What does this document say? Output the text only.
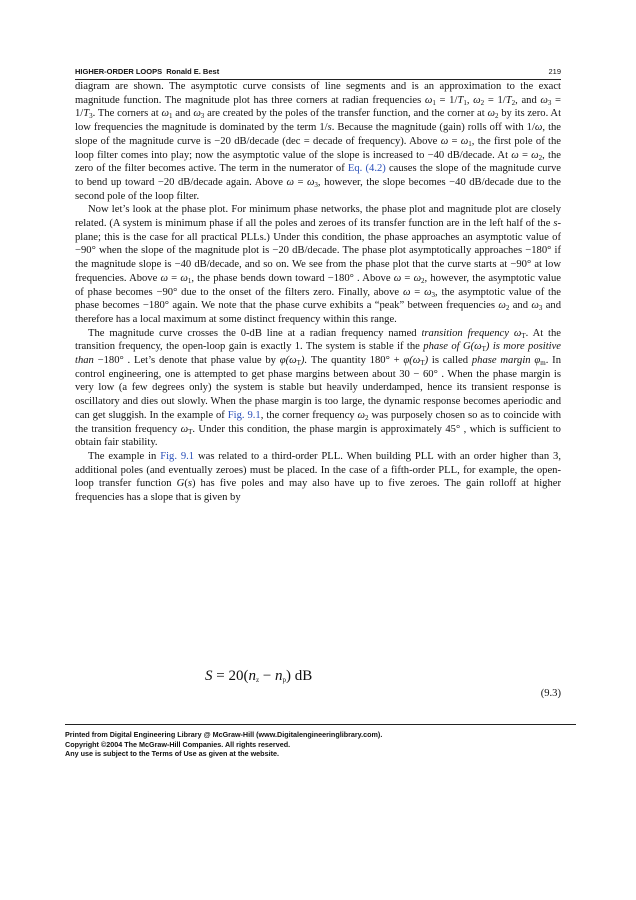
HIGHER-ORDER LOOPS Ronald E. Best	219

diagram are shown. The asymptotic curve consists of line segments and is an approximation to the exact magnitude function. The magnitude plot has three corners at radian frequencies $\omega_1 = 1/T_1$, $\omega_2 = 1/T_2$, and $\omega_3 = 1/T_3$. The corners at $\omega_1$ and $\omega_3$ are created by the poles of the transfer function, and the corner at $\omega_2$ by its zero. At low frequencies the magnitude is dominated by the term 1/s. Because the magnitude (gain) rolls off with 1/ω, the slope of the magnitude curve is −20 dB/decade (dec = decade of frequency). Above $\omega = \omega_1$, the first pole of the loop filter comes into play; now the asymptotic value of the slope is increased to −40 dB/decade. At $\omega = \omega_2$, the zero of the filter becomes active. The term in the numerator of Eq. (4.2) causes the slope of the magnitude curve to bend up toward −20 dB/decade again. Above $\omega = \omega_3$, however, the slope becomes −40 dB/decade due to the second pole of the loop filter.

Now let’s look at the phase plot. For minimum phase networks, the phase plot and magnitude plot are closely related. (A system is minimum phase if all the poles and zeroes of its transfer function are in the left half of the s-plane; this is the case for all practical PLLs.) Under this condition, the phase approaches an asymptotic value of −90° when the slope of the magnitude plot is −20 dB/decade. The phase plot asymptotically approaches −180° if the magnitude slope is −40 dB/decade, and so on. We see from the phase plot that the curve starts at −90° at low frequencies. Above $\omega = \omega_1$, the phase bends down toward −180° . Above $\omega = \omega_2$, however, the asymptotic value of phase becomes −90° due to the onset of the filters zero. Finally, above $\omega = \omega_3$, the asymptotic value of the phase becomes −180° again. We note that the phase curve exhibits a “peak” between frequencies $\omega_2$ and $\omega_3$ and therefore has a local maximum at some distinct frequency within this range.

The magnitude curve crosses the 0-dB line at a radian frequency named transition frequency $\omega_T$. At the transition frequency, the open-loop gain is exactly 1. The system is stable if the phase of $G(\omega_T)$ is more positive than −180° . Let’s denote that phase value by $\varphi(\omega_T)$. The quantity $180^\circ + \varphi(\omega_T)$ is called phase margin $\varphi_m$. In control engineering, one is attempted to get phase margins between about 30 − 60° . When the phase margin is very low (a few degrees only) the system is stable but heavily underdamped, hence its transient response is oscillatory and dies out slowly. When the phase margin is too large, the dynamic response becomes aperiodic and can get sluggish. In the example of Fig. 9.1, the corner frequency $\omega_2$ was purposely chosen so as to coincide with the transition frequency $\omega_T$. Under this condition, the phase margin is approximately 45° , which is sufficient to obtain fair stability.

The example in Fig. 9.1 was related to a third-order PLL. When building PLL with an order higher than 3, additional poles (and eventually zeroes) must be placed. In the case of a fifth-order PLL, for example, the open-loop transfer function G(s) has five poles and may also have up to five zeroes. The gain rolloff at higher frequencies has a slope that is given by

$S = 20(n_z - n_p)$ dB
(9.3)
Printed from Digital Engineering Library @ McGraw-Hill (www.Digitalengineeringlibrary.com).
Copyright ©2004 The McGraw-Hill Companies. All rights reserved.
Any use is subject to the Terms of Use as given at the website.
